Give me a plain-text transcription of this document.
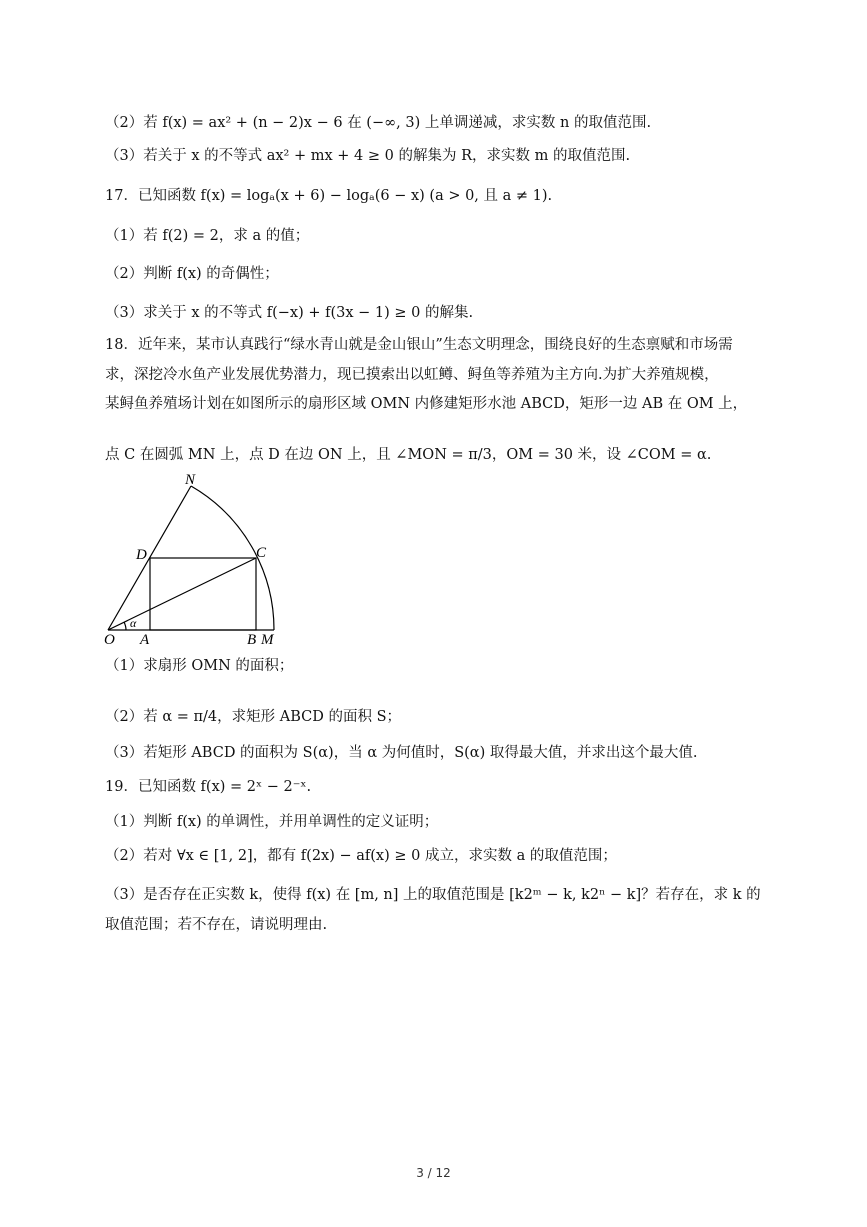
（2）若 f(x) = ax² + (n − 2)x − 6 在 (−∞, 3) 上单调递减，求实数 n 的取值范围.
（3）若关于 x 的不等式 ax² + mx + 4 ≥ 0 的解集为 R，求实数 m 的取值范围.
17．已知函数 f(x) = logₐ(x + 6) − logₐ(6 − x) (a > 0, 且 a ≠ 1).
（1）若 f(2) = 2，求 a 的值；
（2）判断 f(x) 的奇偶性；
（3）求关于 x 的不等式 f(−x) + f(3x − 1) ≥ 0 的解集.
18．近年来，某市认真践行“绿水青山就是金山银山”生态文明理念，围绕良好的生态禀赋和市场需
求，深挖冷水鱼产业发展优势潜力，现已摸索出以虹鳟、鲟鱼等养殖为主方向.为扩大养殖规模，
某鲟鱼养殖场计划在如图所示的扇形区域 OMN 内修建矩形水池 ABCD，矩形一边 AB 在 OM 上，
点 C 在圆弧 MN 上，点 D 在边 ON 上，且 ∠MON = π/3，OM = 30 米，设 ∠COM = α.
N
D	C
O A	B M
α
（1）求扇形 OMN 的面积；
（2）若 α = π/4，求矩形 ABCD 的面积 S；
（3）若矩形 ABCD 的面积为 S(α)，当 α 为何值时，S(α) 取得最大值，并求出这个最大值.
19．已知函数 f(x) = 2ˣ − 2⁻ˣ.
（1）判断 f(x) 的单调性，并用单调性的定义证明；
（2）若对 ∀x ∈ [1, 2]，都有 f(2x) − af(x) ≥ 0 成立，求实数 a 的取值范围；
（3）是否存在正实数 k，使得 f(x) 在 [m, n] 上的取值范围是 [k2ᵐ − k, k2ⁿ − k]？若存在，求 k 的取值范围；若不存在，请说明理由.
3 / 12
